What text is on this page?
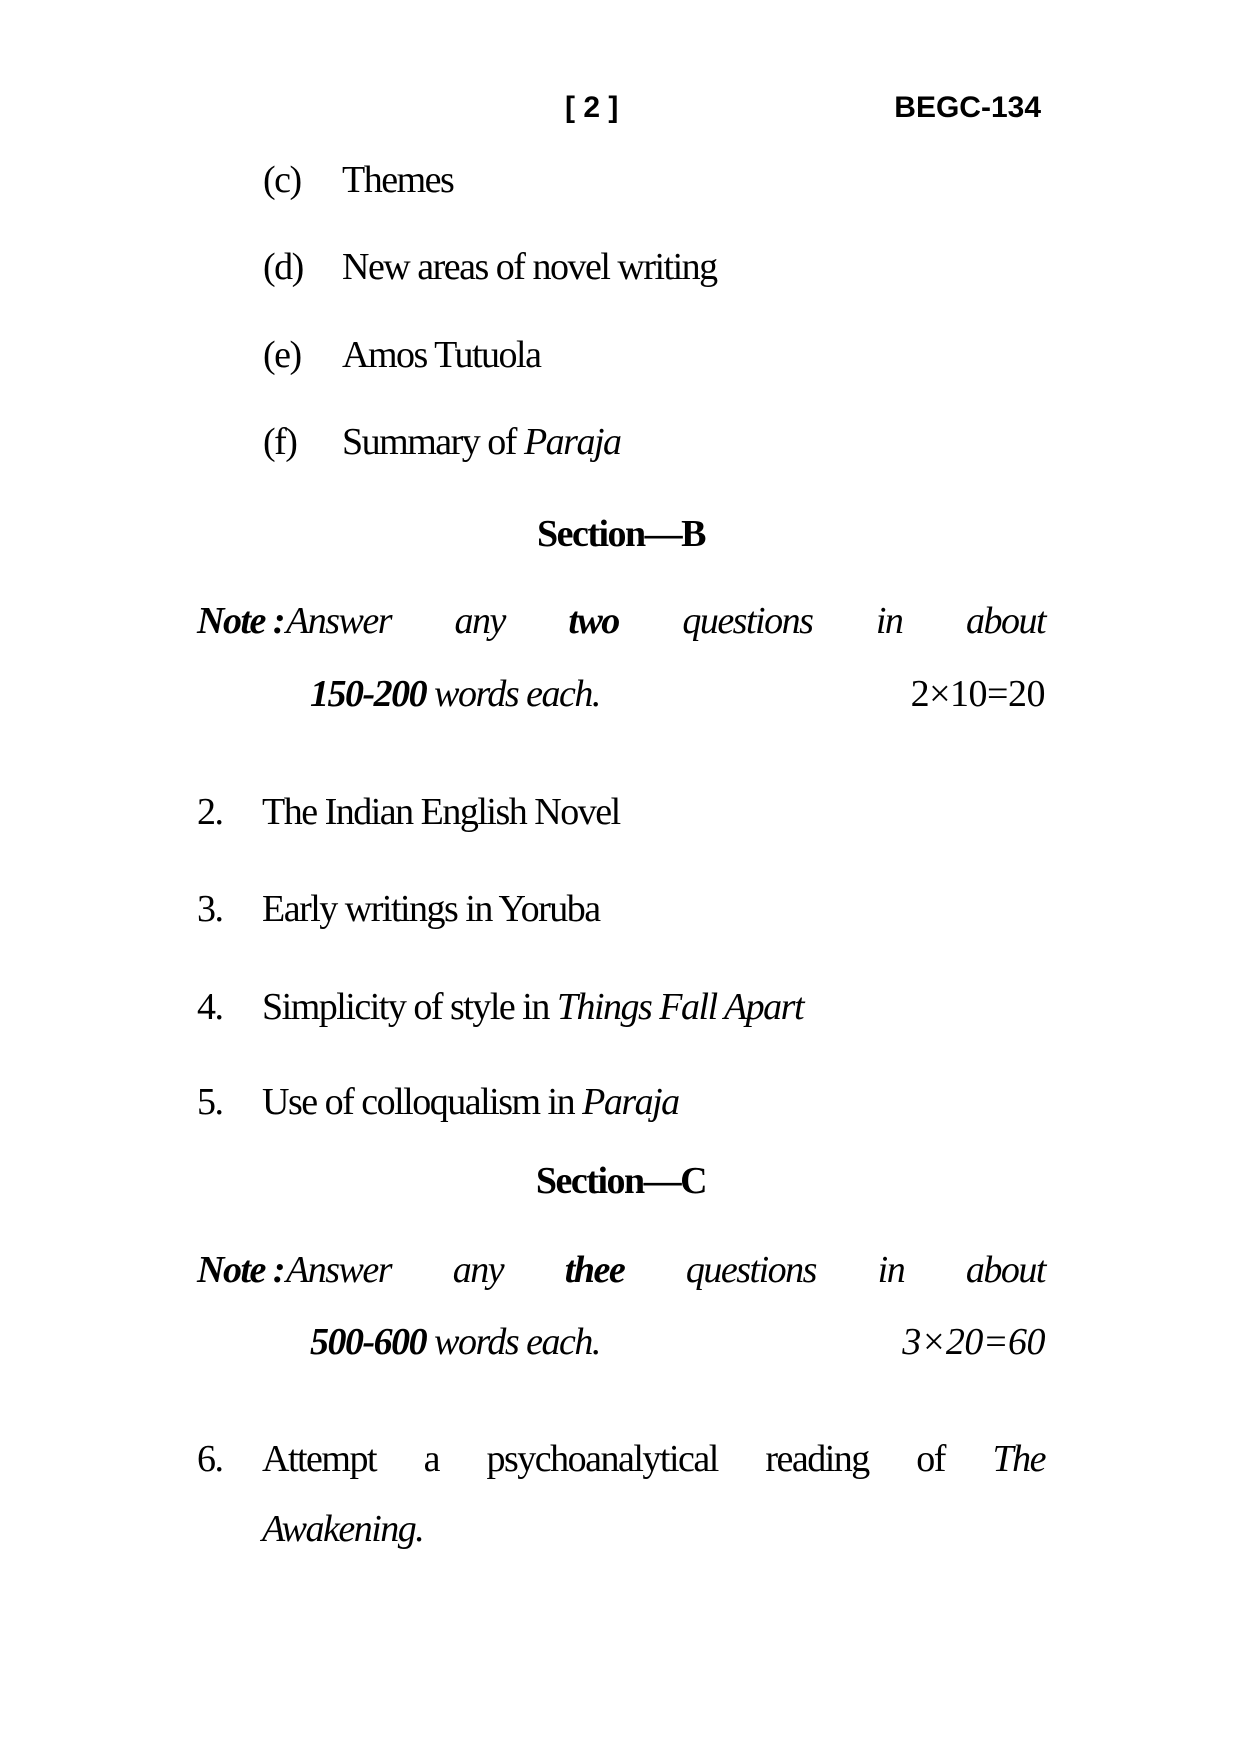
[ 2 ]	BEGC-134
(c) Themes
(d) New areas of novel writing
(e) Amos Tutuola
(f) Summary of Paraja
Section—B
Note :Answer any two questions in about
150-200 words each.	2×10=20
2. The Indian English Novel
3. Early writings in Yoruba
4. Simplicity of style in Things Fall Apart
5. Use of colloqualism in Paraja
Section—C
Note :Answer any thee questions in about
500-600 words each.	3×20=60
6.	Attempt a psychoanalytical reading of The
Awakening.
